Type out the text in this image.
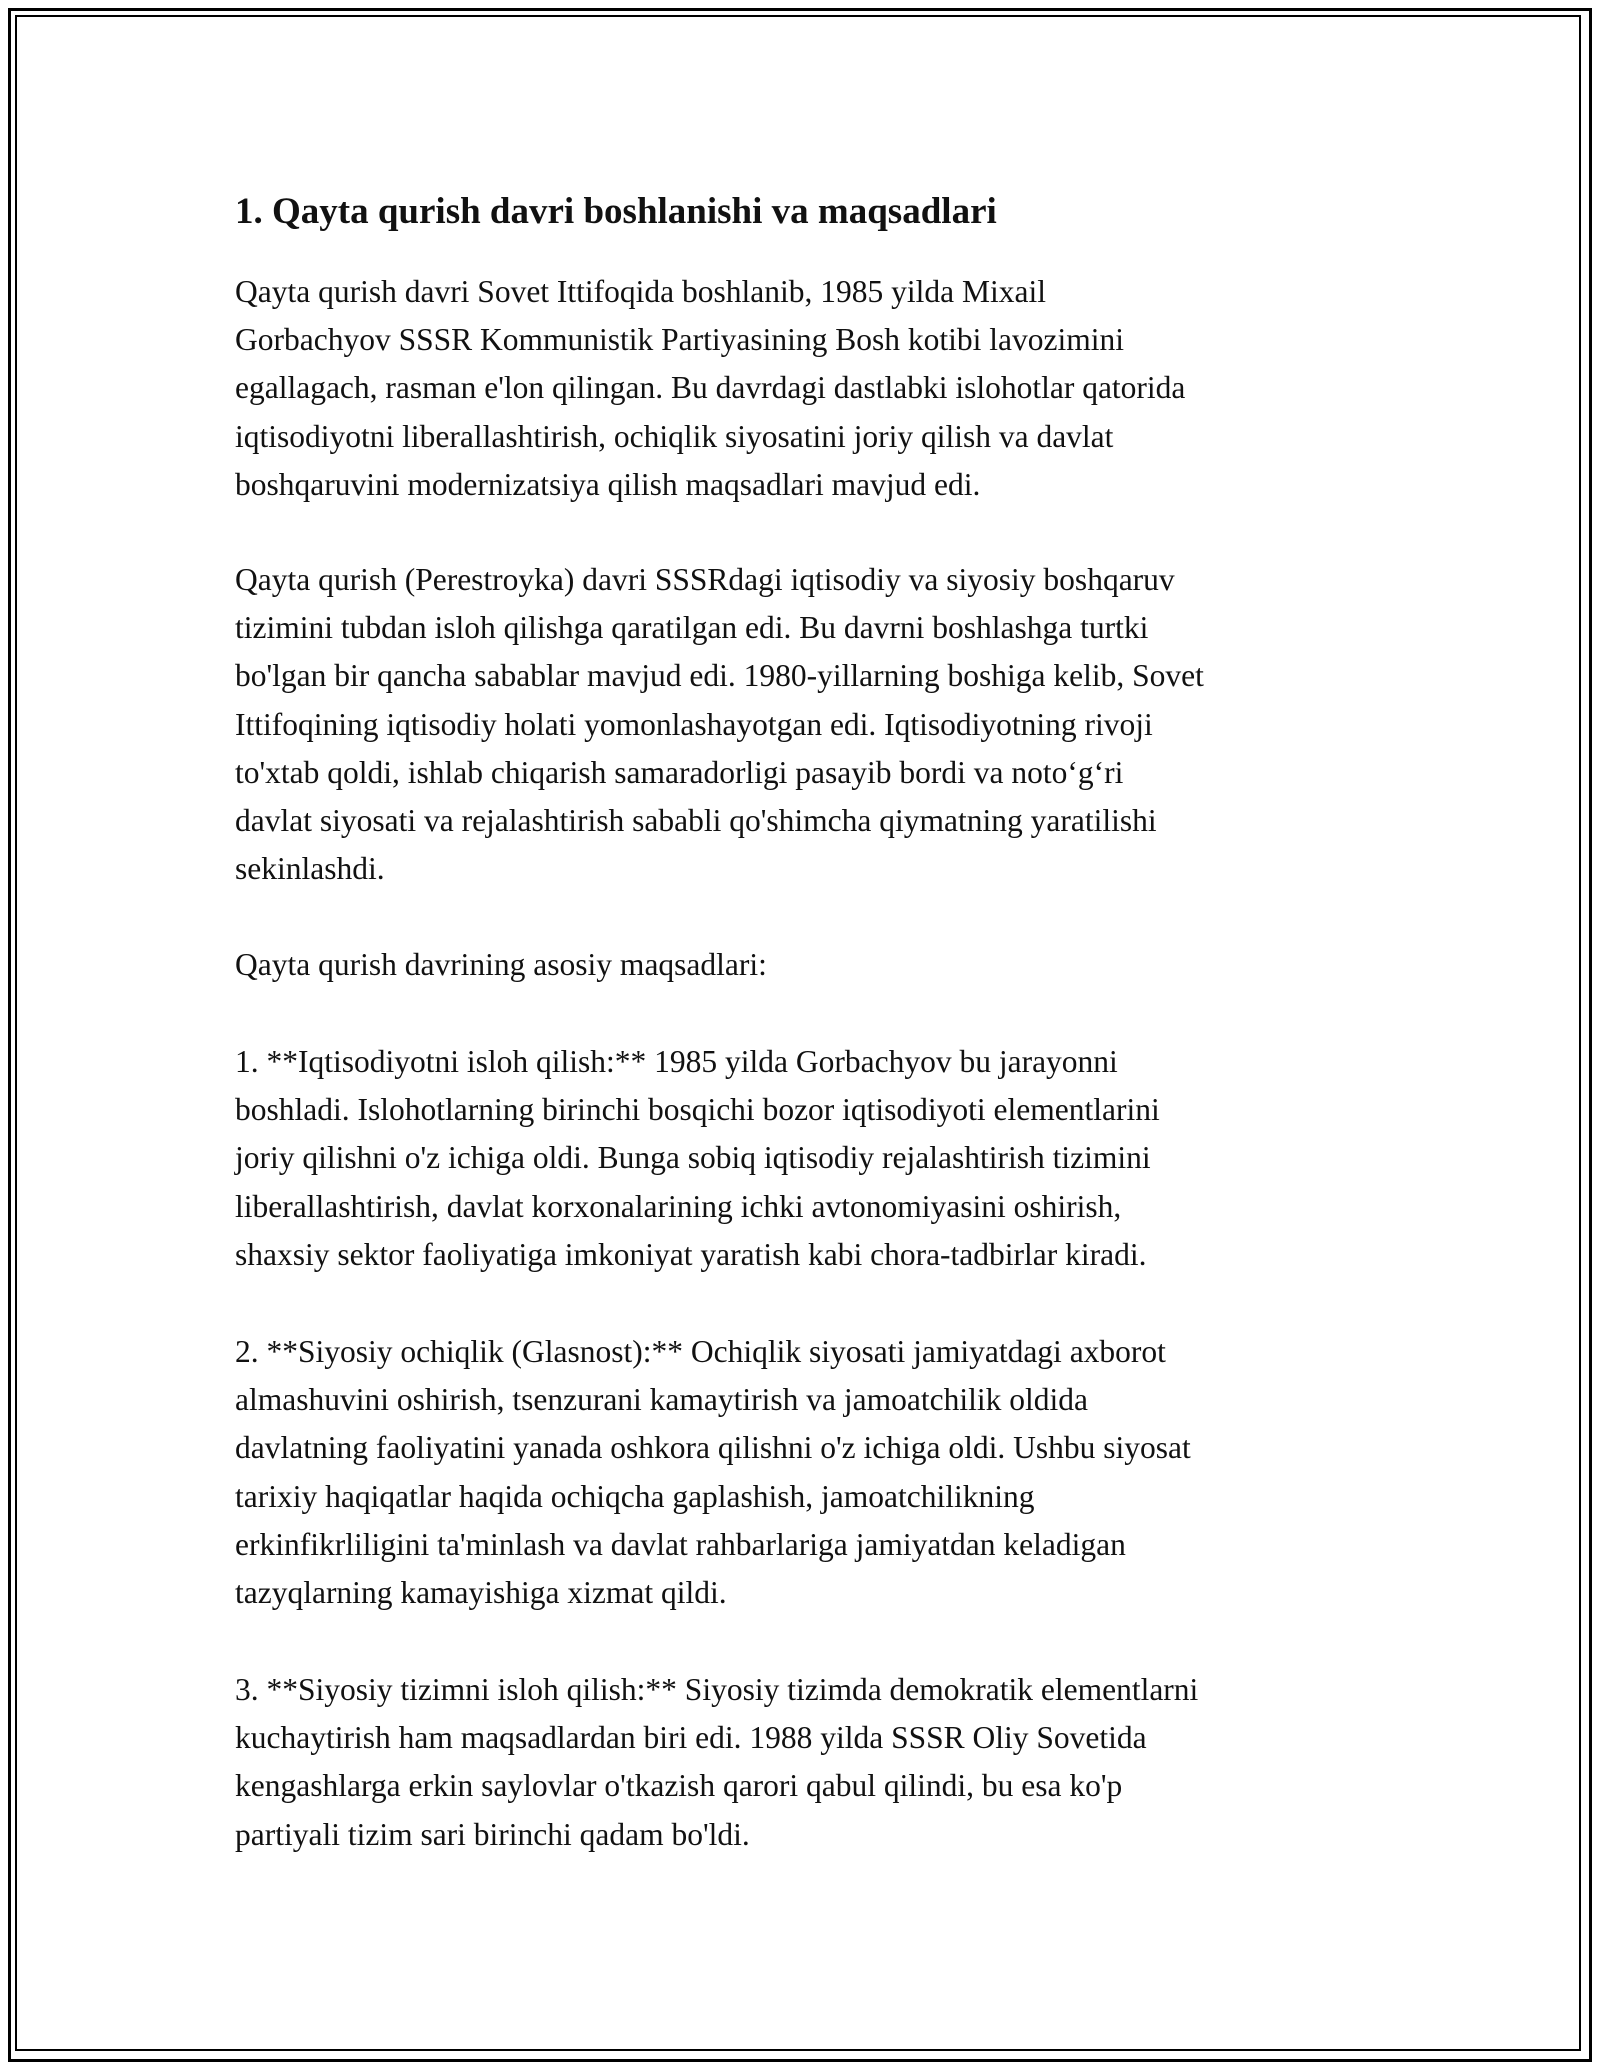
1. Qayta qurish davri boshlanishi va maqsadlari

Qayta qurish davri Sovet Ittifoqida boshlanib, 1985 yilda Mixail
Gorbachyov SSSR Kommunistik Partiyasining Bosh kotibi lavozimini
egallagach, rasman e'lon qilingan. Bu davrdagi dastlabki islohotlar qatorida
iqtisodiyotni liberallashtirish, ochiqlik siyosatini joriy qilish va davlat
boshqaruvini modernizatsiya qilish maqsadlari mavjud edi.

Qayta qurish (Perestroyka) davri SSSRdagi iqtisodiy va siyosiy boshqaruv
tizimini tubdan isloh qilishga qaratilgan edi. Bu davrni boshlashga turtki
bo'lgan bir qancha sabablar mavjud edi. 1980-yillarning boshiga kelib, Sovet
Ittifoqining iqtisodiy holati yomonlashayotgan edi. Iqtisodiyotning rivoji
to'xtab qoldi, ishlab chiqarish samaradorligi pasayib bordi va noto‘g‘ri
davlat siyosati va rejalashtirish sababli qo'shimcha qiymatning yaratilishi
sekinlashdi.

Qayta qurish davrining asosiy maqsadlari:

1. **Iqtisodiyotni isloh qilish:** 1985 yilda Gorbachyov bu jarayonni
boshladi. Islohotlarning birinchi bosqichi bozor iqtisodiyoti elementlarini
joriy qilishni o'z ichiga oldi. Bunga sobiq iqtisodiy rejalashtirish tizimini
liberallashtirish, davlat korxonalarining ichki avtonomiyasini oshirish,
shaxsiy sektor faoliyatiga imkoniyat yaratish kabi chora-tadbirlar kiradi.

2. **Siyosiy ochiqlik (Glasnost):** Ochiqlik siyosati jamiyatdagi axborot
almashuvini oshirish, tsenzurani kamaytirish va jamoatchilik oldida
davlatning faoliyatini yanada oshkora qilishni o'z ichiga oldi. Ushbu siyosat
tarixiy haqiqatlar haqida ochiqcha gaplashish, jamoatchilikning
erkinfikrliligini ta'minlash va davlat rahbarlariga jamiyatdan keladigan
tazyqlarning kamayishiga xizmat qildi.

3. **Siyosiy tizimni isloh qilish:** Siyosiy tizimda demokratik elementlarni
kuchaytirish ham maqsadlardan biri edi. 1988 yilda SSSR Oliy Sovetida
kengashlarga erkin saylovlar o'tkazish qarori qabul qilindi, bu esa ko'p
partiyali tizim sari birinchi qadam bo'ldi.
